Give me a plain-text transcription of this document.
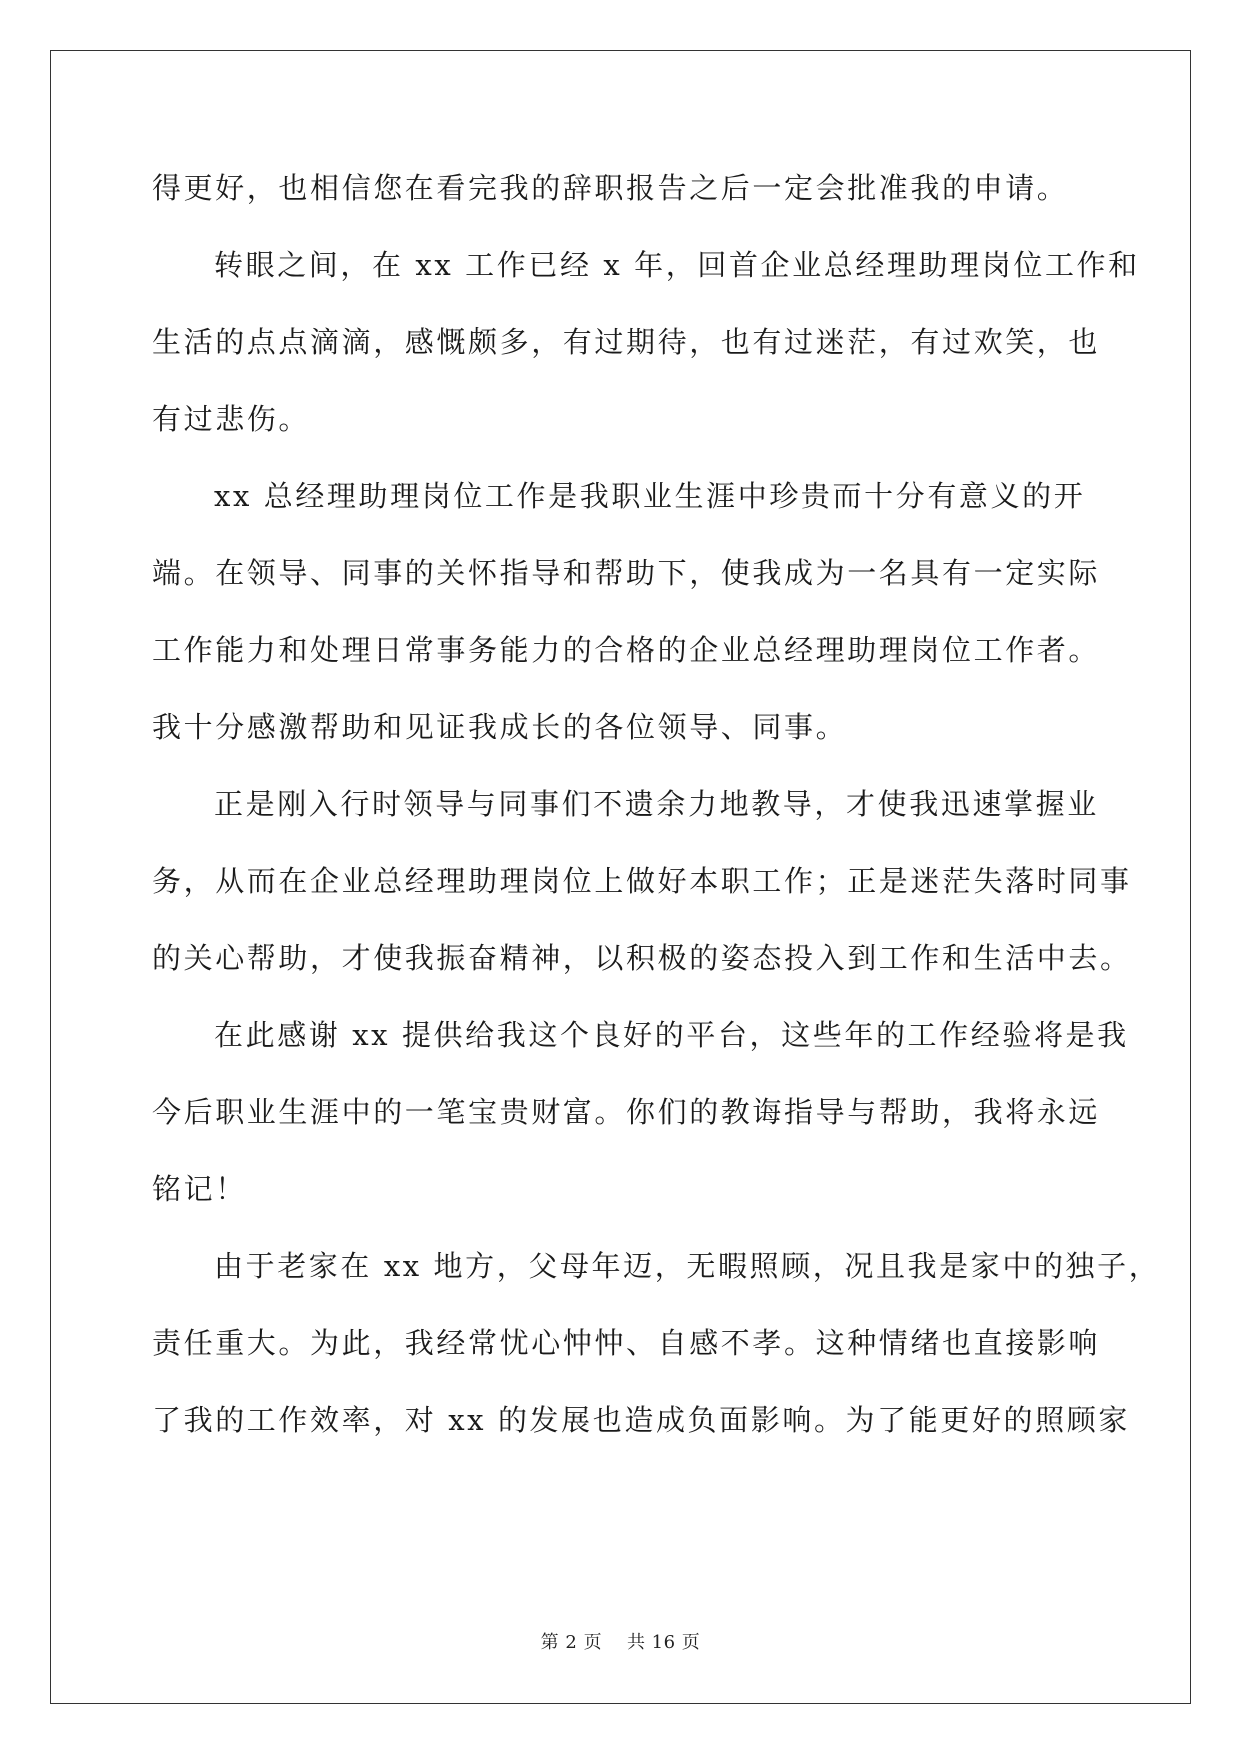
得更好，也相信您在看完我的辞职报告之后一定会批准我的申请。
转眼之间，在 xx 工作已经 x 年，回首企业总经理助理岗位工作和
生活的点点滴滴，感慨颇多，有过期待，也有过迷茫，有过欢笑，也
有过悲伤。
xx 总经理助理岗位工作是我职业生涯中珍贵而十分有意义的开
端。在领导、同事的关怀指导和帮助下，使我成为一名具有一定实际
工作能力和处理日常事务能力的合格的企业总经理助理岗位工作者。
我十分感激帮助和见证我成长的各位领导、同事。
正是刚入行时领导与同事们不遗余力地教导，才使我迅速掌握业
务，从而在企业总经理助理岗位上做好本职工作；正是迷茫失落时同事
的关心帮助，才使我振奋精神，以积极的姿态投入到工作和生活中去。
在此感谢 xx 提供给我这个良好的平台，这些年的工作经验将是我
今后职业生涯中的一笔宝贵财富。你们的教诲指导与帮助，我将永远
铭记！
由于老家在 xx 地方，父母年迈，无暇照顾，况且我是家中的独子，
责任重大。为此，我经常忧心忡忡、自感不孝。这种情绪也直接影响
了我的工作效率，对 xx 的发展也造成负面影响。为了能更好的照顾家
第 2 页    共 16 页
